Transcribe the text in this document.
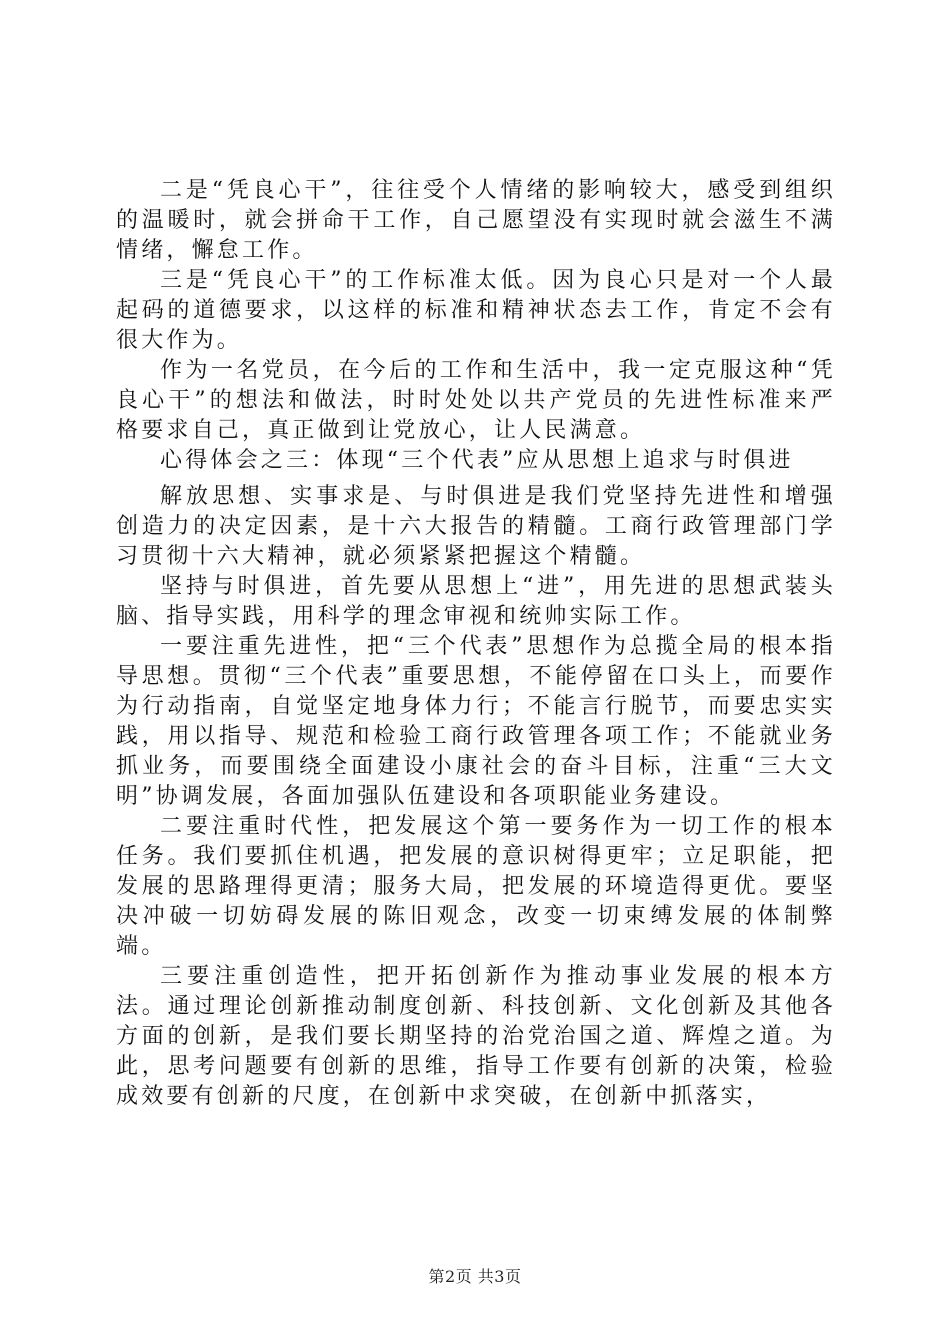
二是“凭良心干”，往往受个人情绪的影响较大，感受到组织的温暖时，就会拼命干工作，自己愿望没有实现时就会滋生不满情绪，懈怠工作。

三是“凭良心干”的工作标准太低。因为良心只是对一个人最起码的道德要求，以这样的标准和精神状态去工作，肯定不会有很大作为。

作为一名党员，在今后的工作和生活中，我一定克服这种“凭良心干”的想法和做法，时时处处以共产党员的先进性标准来严格要求自己，真正做到让党放心，让人民满意。

心得体会之三：体现“三个代表”应从思想上追求与时俱进

解放思想、实事求是、与时俱进是我们党坚持先进性和增强创造力的决定因素，是十六大报告的精髓。工商行政管理部门学习贯彻十六大精神，就必须紧紧把握这个精髓。

坚持与时俱进，首先要从思想上“进”，用先进的思想武装头脑、指导实践，用科学的理念审视和统帅实际工作。

一要注重先进性，把“三个代表”思想作为总揽全局的根本指导思想。贯彻“三个代表”重要思想，不能停留在口头上，而要作为行动指南，自觉坚定地身体力行；不能言行脱节，而要忠实实践，用以指导、规范和检验工商行政管理各项工作；不能就业务抓业务，而要围绕全面建设小康社会的奋斗目标，注重“三大文明”协调发展，各面加强队伍建设和各项职能业务建设。

二要注重时代性，把发展这个第一要务作为一切工作的根本任务。我们要抓住机遇，把发展的意识树得更牢；立足职能，把发展的思路理得更清；服务大局，把发展的环境造得更优。要坚决冲破一切妨碍发展的陈旧观念，改变一切束缚发展的体制弊端。

三要注重创造性，把开拓创新作为推动事业发展的根本方法。通过理论创新推动制度创新、科技创新、文化创新及其他各方面的创新，是我们要长期坚持的治党治国之道、辉煌之道。为此，思考问题要有创新的思维，指导工作要有创新的决策，检验成效要有创新的尺度，在创新中求突破，在创新中抓落实，

第2页 共3页
